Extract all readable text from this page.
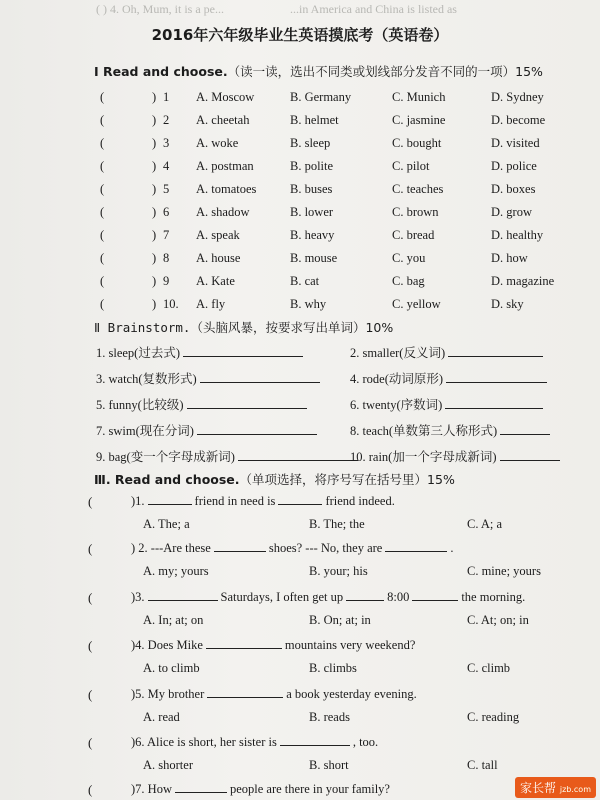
( ) 4. Oh, Mum, it is a pe...	...in America and China is listed as
2016年六年级毕业生英语摸底考（英语卷）
Ⅰ Read and choose.（读一读，选出不同类或划线部分发音不同的一项）15%
(	) 1 A. Moscow	B. Germany	C. Munich	D. Sydney
(	) 2 A. cheetah	B. helmet	C. jasmine	D. become
(	) 3 A. woke	B. sleep	C. bought	D. visited
(	) 4 A. postman	B. polite	C. pilot	D. police
(	) 5 A. tomatoes	B. buses	C. teaches	D. boxes
(	) 6 A. shadow	B. lower	C. brown	D. grow
(	) 7 A. speak	B. heavy	C. bread	D. healthy
(	) 8 A. house	B. mouse	C. you	D. how
(	) 9 A. Kate	B. cat	C. bag	D. magazine
(	) 10. A. fly	B. why	C. yellow	D. sky
Ⅱ Brainstorm.（头脑风暴，按要求写出单词）10%
1. sleep(过去式)	2. smaller(反义词)
3. watch(复数形式)	4. rode(动词原形)
5. funny(比较级)	6. twenty(序数词)
7. swim(现在分词)	8. teach(单数第三人称形式)
9. bag(变一个字母成新词)	10. rain(加一个字母成新词)
Ⅲ. Read and choose.（单项选择，将序号写在括号里）15%
(	)1.	friend in need is	friend indeed.
A. The; a	B. The; the	C. A; a
(	) 2. ---Are these	shoes? --- No, they are	.
A. my; yours	B. your; his	C. mine; yours
(	)3.	Saturdays, I often get up	8:00	the morning.
A. In; at; on	B. On; at; in	C. At; on; in
(	)4. Does Mike	mountains very weekend?
A. to climb	B. climbs	C. climb
(	)5. My brother	a book yesterday evening.
A. read	B. reads	C. reading
(	)6. Alice is short, her sister is	, too.
A. shorter	B. short	C. tall
(	)7. How	people are there in your family?	家长帮 jzb.com
